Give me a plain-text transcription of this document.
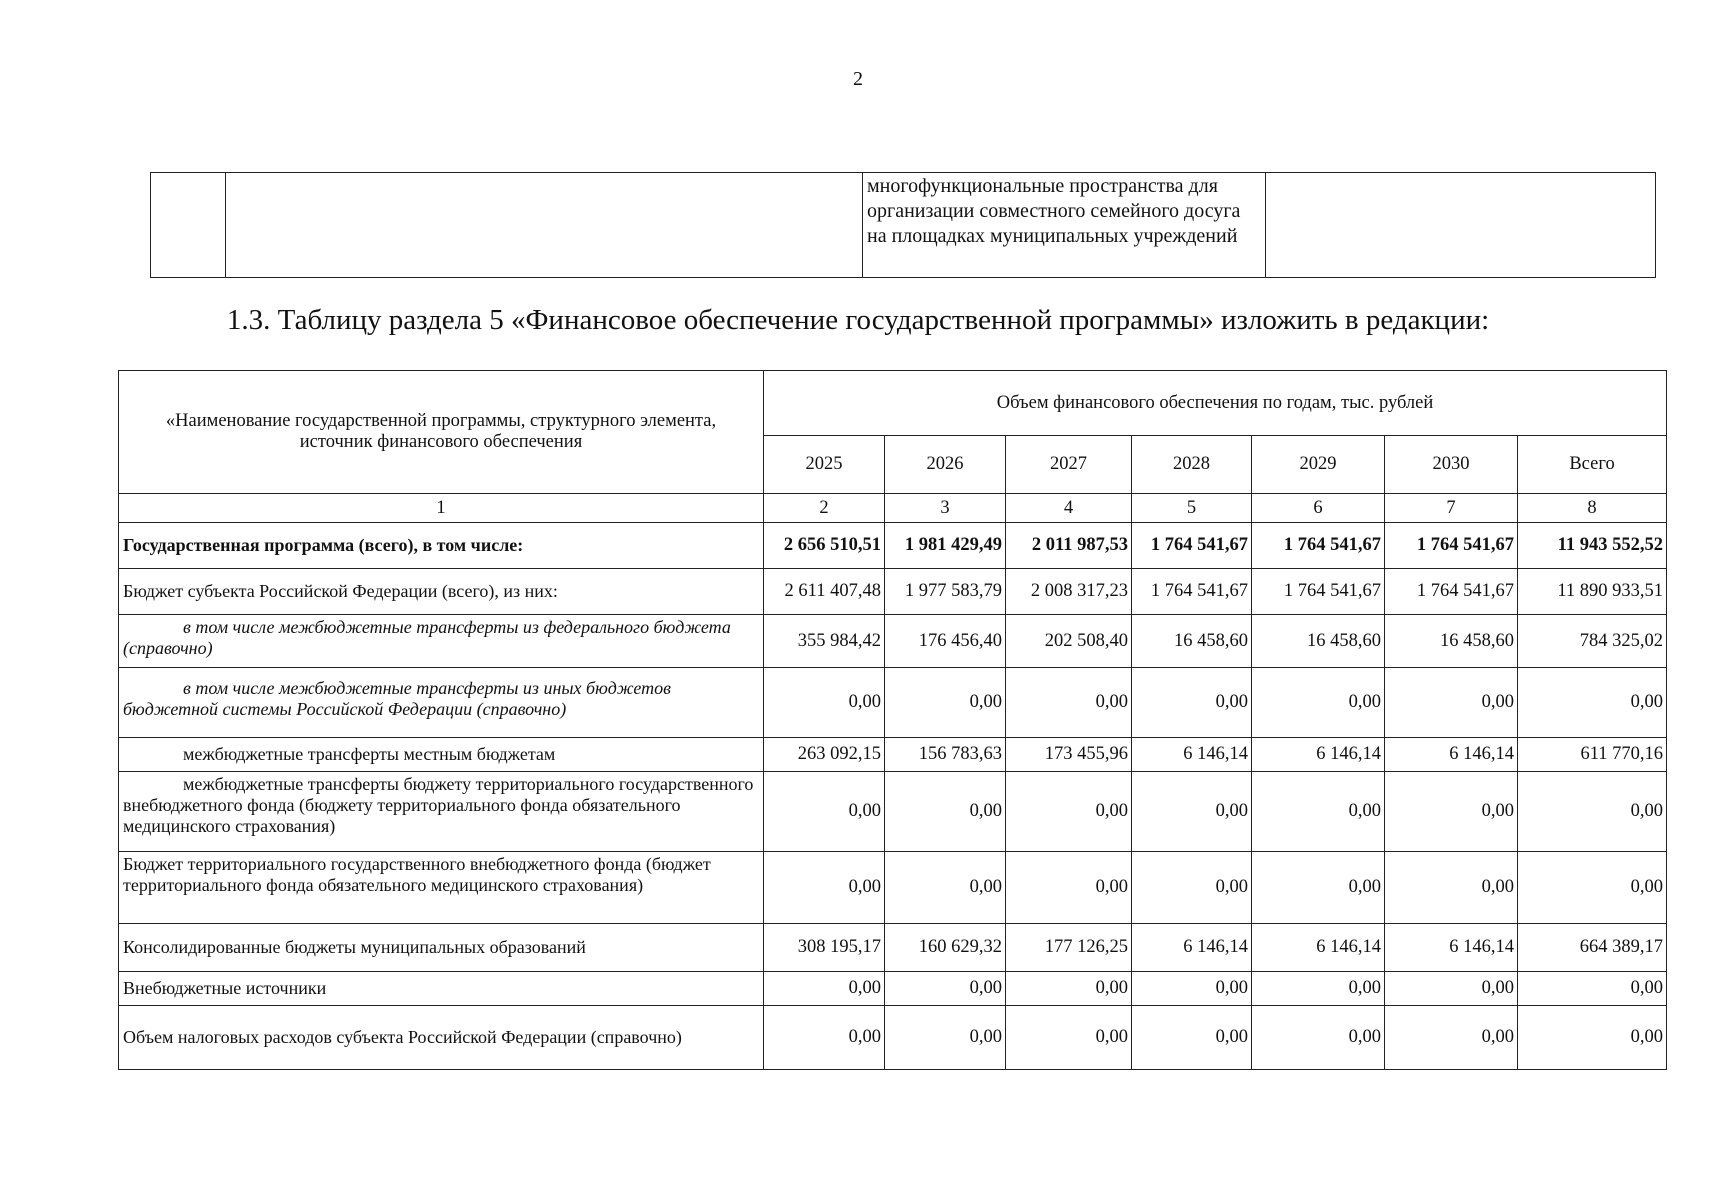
2

многофункциональные пространства для организации совместного семейного досуга на площадках муниципальных учреждений

1.3. Таблицу раздела 5 «Финансовое обеспечение государственной программы» изложить в редакции:
«Наименование государственной программы, структурного элемента, источник финансового обеспечения	Объем финансового обеспечения по годам, тыс. рублей						
	2025	2026	2027	2028	2029	2030	Всего
1	2	3	4	5	6	7	8
Государственная программа (всего), в том числе:	2 656 510,51	1 981 429,49	2 011 987,53	1 764 541,67	1 764 541,67	1 764 541,67	11 943 552,52
Бюджет субъекта Российской Федерации (всего), из них:	2 611 407,48	1 977 583,79	2 008 317,23	1 764 541,67	1 764 541,67	1 764 541,67	11 890 933,51
в том числе межбюджетные трансферты из федерального бюджета (справочно)	355 984,42	176 456,40	202 508,40	16 458,60	16 458,60	16 458,60	784 325,02
в том числе межбюджетные трансферты из иных бюджетов бюджетной системы Российской Федерации (справочно)	0,00	0,00	0,00	0,00	0,00	0,00	0,00
межбюджетные трансферты местным бюджетам	263 092,15	156 783,63	173 455,96	6 146,14	6 146,14	6 146,14	611 770,16
межбюджетные трансферты бюджету территориального государственного внебюджетного фонда (бюджету территориального фонда обязательного медицинского страхования)	0,00	0,00	0,00	0,00	0,00	0,00	0,00
Бюджет территориального государственного внебюджетного фонда (бюджет территориального фонда обязательного медицинского страхования)	0,00	0,00	0,00	0,00	0,00	0,00	0,00
Консолидированные бюджеты муниципальных образований	308 195,17	160 629,32	177 126,25	6 146,14	6 146,14	6 146,14	664 389,17
Внебюджетные источники	0,00	0,00	0,00	0,00	0,00	0,00	0,00
Объем налоговых расходов субъекта Российской Федерации (справочно)	0,00	0,00	0,00	0,00	0,00	0,00	0,00
